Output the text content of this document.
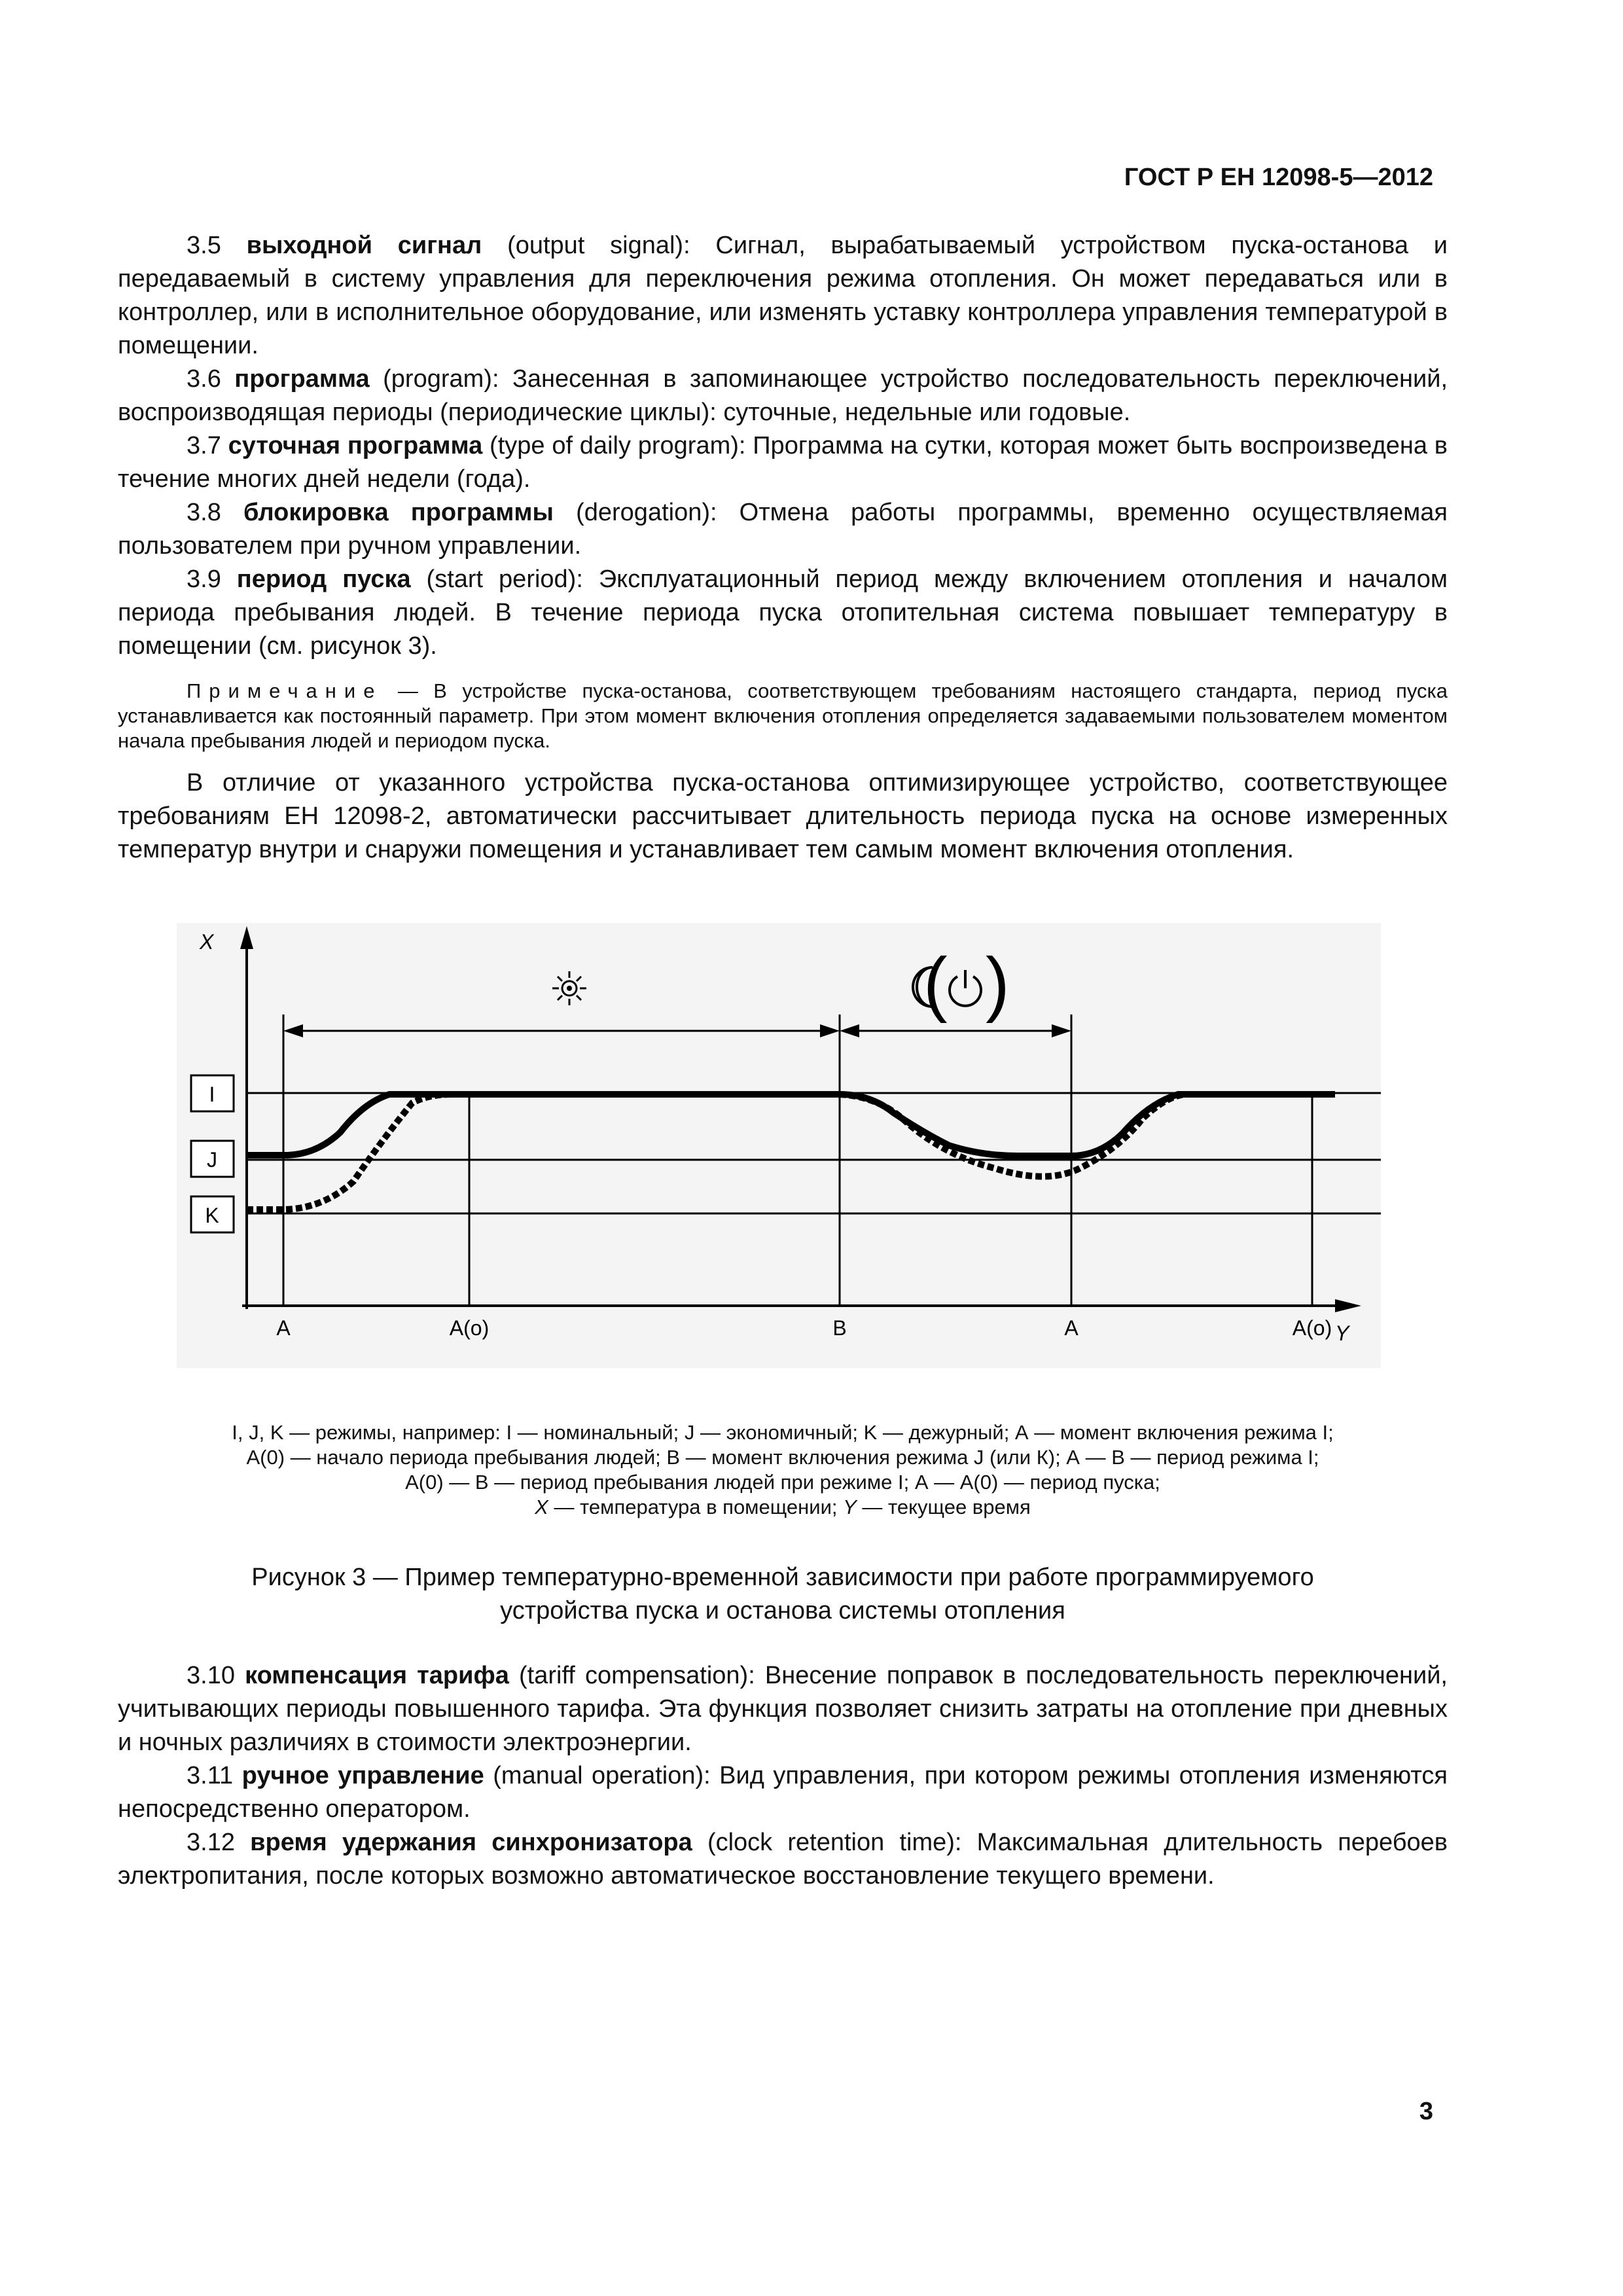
ГОСТ Р ЕН 12098-5—2012

3.5 выходной сигнал (output signal): Сигнал, вырабатываемый устройством пуска-останова и передаваемый в систему управления для переключения режима отопления. Он может передаваться или в контроллер, или в исполнительное оборудование, или изменять уставку контроллера управления температурой в помещении.

3.6 программа (program): Занесенная в запоминающее устройство последовательность переключений, воспроизводящая периоды (периодические циклы): суточные, недельные или годовые.

3.7 суточная программа (type of daily program): Программа на сутки, которая может быть воспроизведена в течение многих дней недели (года).

3.8 блокировка программы (derogation): Отмена работы программы, временно осуществляемая пользователем при ручном управлении.

3.9 период пуска (start period): Эксплуатационный период между включением отопления и началом периода пребывания людей. В течение периода пуска отопительная система повышает температуру в помещении (см. рисунок 3).

Примечание — В устройстве пуска-останова, соответствующем требованиям настоящего стандарта, период пуска устанавливается как постоянный параметр. При этом момент включения отопления определяется задаваемыми пользователем моментом начала пребывания людей и периодом пуска.

В отличие от указанного устройства пуска-останова оптимизирующее устройство, соответствующее требованиям ЕН 12098-2, автоматически рассчитывает длительность периода пуска на основе измеренных температур внутри и снаружи помещения и устанавливает тем самым момент включения отопления.

X
Y
I
J
K
( )
A	A(o)	B	A	A(o)
I, J, K — режимы, например: I — номинальный; J — экономичный; K — дежурный; А — момент включения режима I;
А(0) — начало периода пребывания людей; В — момент включения режима J (или К); А — В — период режима I;
А(0) — В — период пребывания людей при режиме I; А — А(0) — период пуска;
X — температура в помещении; Y — текущее время
Рисунок 3 — Пример температурно-временной зависимости при работе программируемого
устройства пуска и останова системы отопления

3.10 компенсация тарифа (tariff compensation): Внесение поправок в последовательность переключений, учитывающих периоды повышенного тарифа. Эта функция позволяет снизить затраты на отопление при дневных и ночных различиях в стоимости электроэнергии.

3.11 ручное управление (manual operation): Вид управления, при котором режимы отопления изменяются непосредственно оператором.

3.12 время удержания синхронизатора (clock retention time): Максимальная длительность перебоев электропитания, после которых возможно автоматическое восстановление текущего времени.

3
